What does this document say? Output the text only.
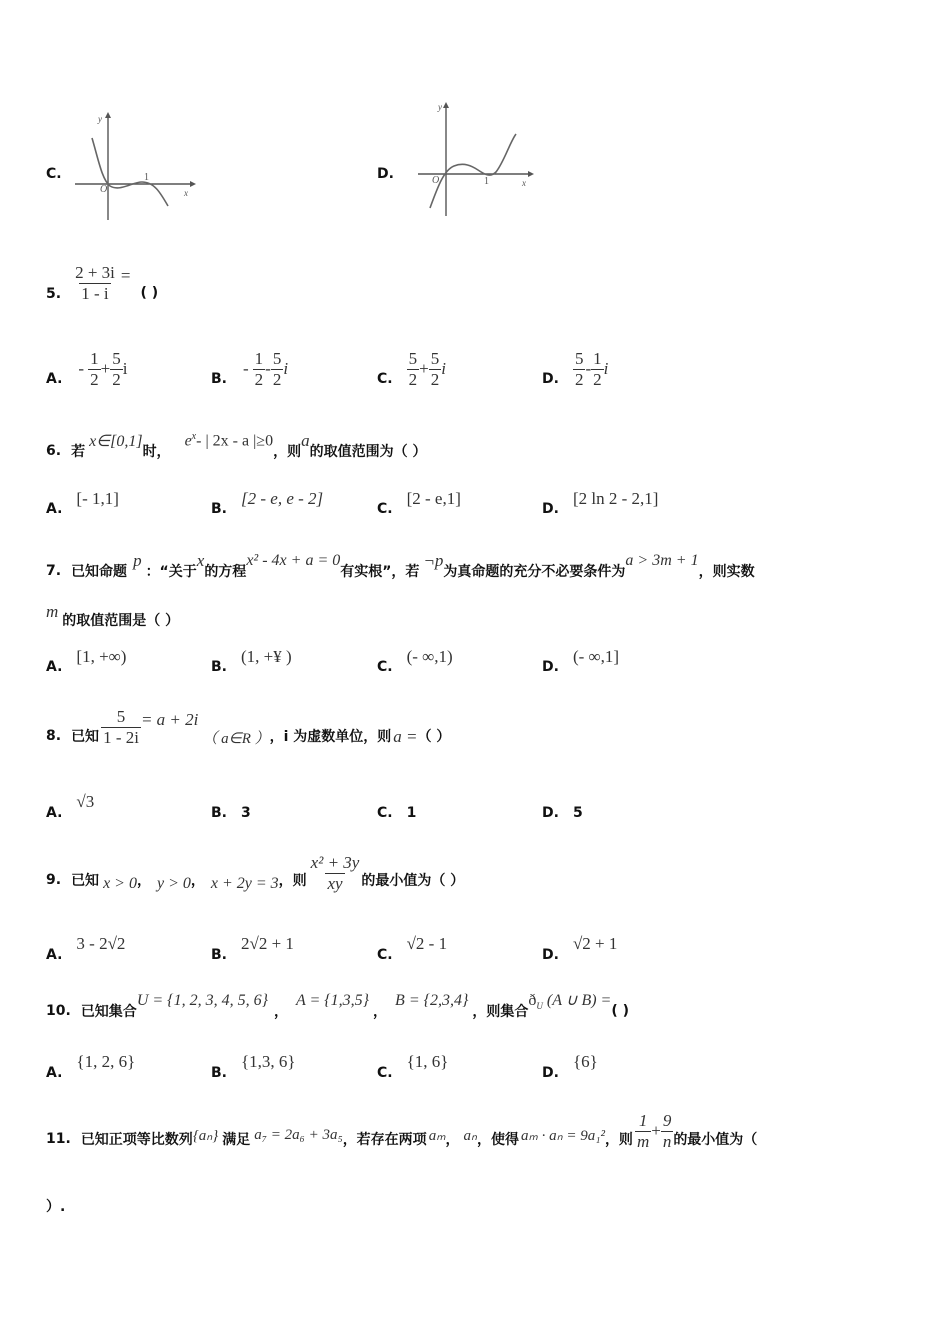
C.
y
x
O
1	D.
y
x
O	1
5. $\frac{2 + 3i}{1 - i}$ =
( )
A.
- $\frac{1}{2} + \frac{5}{2}$ i
B.
- $\frac{1}{2} - \frac{5}{2}$ i
C. $\frac{5}{2} + \frac{5}{2}$ i
D. $\frac{5}{2} - \frac{1}{2}$ i
6. 若
x∈[0,1]
时，
$e^x-$ | 2x - a |≥0
，则
a
的取值范围为（ ）
A.
[- 1,1]
B.
[2 - e, e - 2]
C.
[2 - e,1]
D.
[2 ln 2 - 2,1]
7. 已知命题
p
：“关于
x
的方程
x² - 4x + a = 0
有实根”，若
¬p
为真命题的充分不必要条件为
a > 3m + 1
，则实数
m 的取值范围是（ ）
A.
[1, +∞)
B.
(1, +¥ )
C.
(- ∞,1)
D.
(- ∞,1]
8. 已知 $\frac{5}{1 - 2i} = a + 2i$
（ a∈R ） ，i 为虚数单位，则 a = （ ）
A.
√3
B. 3	C. 1	D. 5
9. 已知 x > 0 ， y > 0 ， x + 2y = 3 ，则 $\frac{\text{x² + 3y}}{xy}$ 的最小值为（ ）
A.
3 - 2√2
B.
2√2 + 1
C.
√2 - 1
D.
√2 + 1
10. 已知集合
U = {1, 2, 3, 4, 5, 6}
，
A = {1,3,5}
，
B = {2,3,4}
，则集合
$ð_U$ (A ∪ B) =
( )
A.
{1, 2, 6}
B.
{1,3, 6}
C.
{1, 6}
D.
{6}
11. 已知正项等比数列 {aₙ} 满足 a₇ = 2a₆ + 3a₅ ，若存在两项 aₘ ， aₙ ，使得 aₘ · aₙ = 9a₁² ，则 $\frac{1}{m} + \frac{9}{n}$ 的最小值为（
）.
